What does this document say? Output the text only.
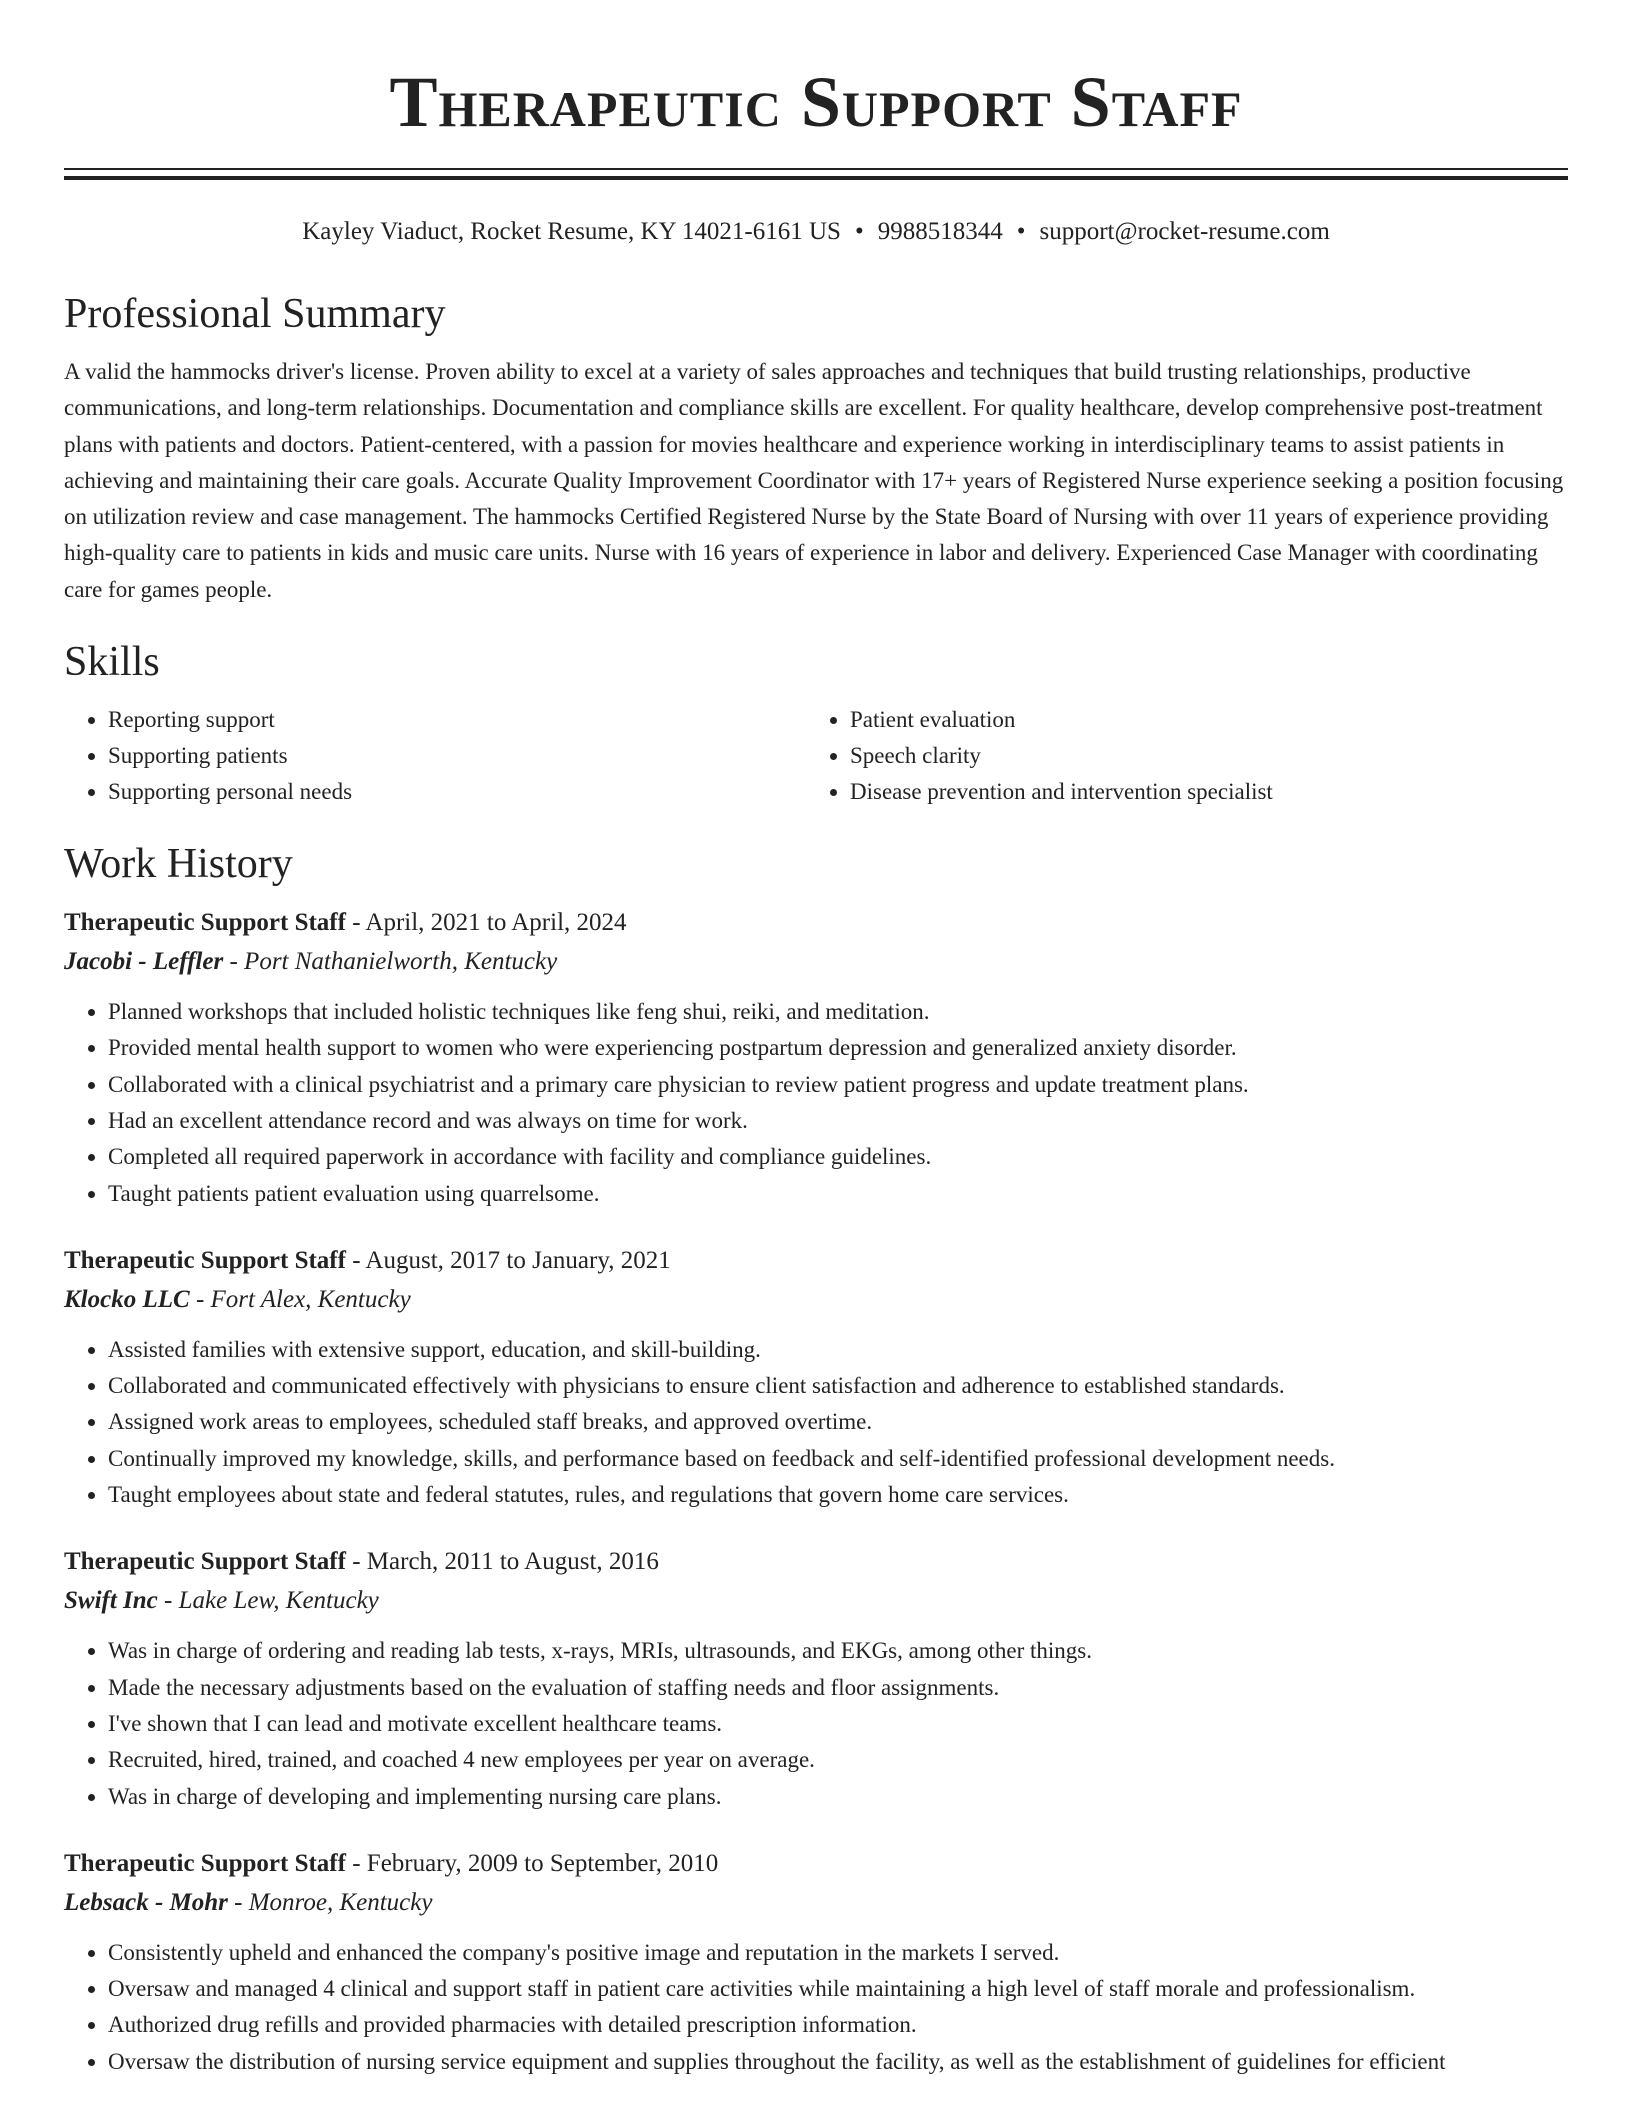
Therapeutic Support Staff
Kayley Viaduct, Rocket Resume, KY 14021-6161 US • 9988518344 • support@rocket-resume.com
Professional Summary
A valid the hammocks driver's license. Proven ability to excel at a variety of sales approaches and techniques that build trusting relationships, productive communications, and long-term relationships. Documentation and compliance skills are excellent. For quality healthcare, develop comprehensive post-treatment plans with patients and doctors. Patient-centered, with a passion for movies healthcare and experience working in interdisciplinary teams to assist patients in achieving and maintaining their care goals. Accurate Quality Improvement Coordinator with 17+ years of Registered Nurse experience seeking a position focusing on utilization review and case management. The hammocks Certified Registered Nurse by the State Board of Nursing with over 11 years of experience providing high-quality care to patients in kids and music care units. Nurse with 16 years of experience in labor and delivery. Experienced Case Manager with coordinating care for games people.
Skills
• Reporting support
• Supporting patients
• Supporting personal needs
• Patient evaluation
• Speech clarity
• Disease prevention and intervention specialist
Work History
Therapeutic Support Staff - April, 2021 to April, 2024
Jacobi - Leffler - Port Nathanielworth, Kentucky
• Planned workshops that included holistic techniques like feng shui, reiki, and meditation.
• Provided mental health support to women who were experiencing postpartum depression and generalized anxiety disorder.
• Collaborated with a clinical psychiatrist and a primary care physician to review patient progress and update treatment plans.
• Had an excellent attendance record and was always on time for work.
• Completed all required paperwork in accordance with facility and compliance guidelines.
• Taught patients patient evaluation using quarrelsome.
Therapeutic Support Staff - August, 2017 to January, 2021
Klocko LLC - Fort Alex, Kentucky
• Assisted families with extensive support, education, and skill-building.
• Collaborated and communicated effectively with physicians to ensure client satisfaction and adherence to established standards.
• Assigned work areas to employees, scheduled staff breaks, and approved overtime.
• Continually improved my knowledge, skills, and performance based on feedback and self-identified professional development needs.
• Taught employees about state and federal statutes, rules, and regulations that govern home care services.
Therapeutic Support Staff - March, 2011 to August, 2016
Swift Inc - Lake Lew, Kentucky
• Was in charge of ordering and reading lab tests, x-rays, MRIs, ultrasounds, and EKGs, among other things.
• Made the necessary adjustments based on the evaluation of staffing needs and floor assignments.
• I've shown that I can lead and motivate excellent healthcare teams.
• Recruited, hired, trained, and coached 4 new employees per year on average.
• Was in charge of developing and implementing nursing care plans.
Therapeutic Support Staff - February, 2009 to September, 2010
Lebsack - Mohr - Monroe, Kentucky
• Consistently upheld and enhanced the company's positive image and reputation in the markets I served.
• Oversaw and managed 4 clinical and support staff in patient care activities while maintaining a high level of staff morale and professionalism.
• Authorized drug refills and provided pharmacies with detailed prescription information.
• Oversaw the distribution of nursing service equipment and supplies throughout the facility, as well as the establishment of guidelines for efficient
